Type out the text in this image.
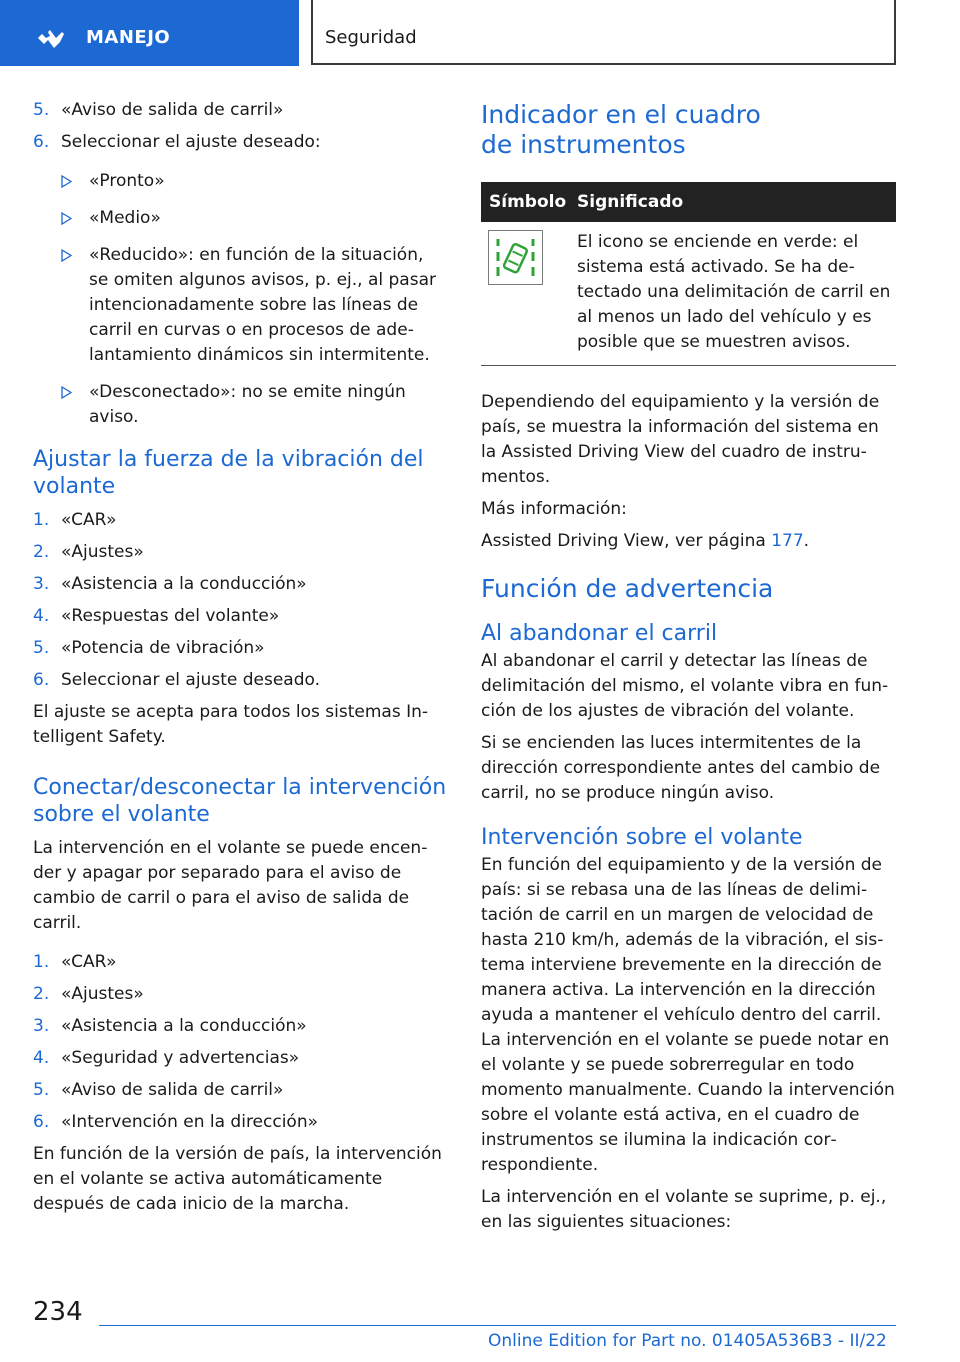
MANEJO	Seguridad
5. «Aviso de salida de carril»
6. Seleccionar el ajuste deseado:
«Pronto»
«Medio»
«Reducido»: en función de la situación, se omiten algunos avisos, p. ej., al pasar intencionadamente sobre las líneas de carril en curvas o en procesos de adelantamiento dinámicos sin intermitente.
«Desconectado»: no se emite ningún aviso.
Ajustar la fuerza de la vibración del volante
1. «CAR»
2. «Ajustes»
3. «Asistencia a la conducción»
4. «Respuestas del volante»
5. «Potencia de vibración»
6. Seleccionar el ajuste deseado.

El ajuste se acepta para todos los sistemas Intelligent Safety.

Conectar/desconectar la intervención sobre el volante

La intervención en el volante se puede encender y apagar por separado para el aviso de cambio de carril o para el aviso de salida de carril.

1. «CAR»
2. «Ajustes»
3. «Asistencia a la conducción»
4. «Seguridad y advertencias»
5. «Aviso de salida de carril»
6. «Intervención en la dirección»

En función de la versión de país, la intervención en el volante se activa automáticamente después de cada inicio de la marcha.

Indicador en el cuadro de instrumentos
Símbolo Significado
El icono se enciende en verde: el sistema está activado. Se ha detectado una delimitación de carril en al menos un lado del vehículo y es posible que se muestren avisos.

Dependiendo del equipamiento y la versión de país, se muestra la información del sistema en la Assisted Driving View del cuadro de instrumentos.

Más información:

Assisted Driving View, ver página 177.

Función de advertencia
Al abandonar el carril

Al abandonar el carril y detectar las líneas de delimitación del mismo, el volante vibra en función de los ajustes de vibración del volante.

Si se encienden las luces intermitentes de la dirección correspondiente antes del cambio de carril, no se produce ningún aviso.

Intervención sobre el volante

En función del equipamiento y de la versión de país: si se rebasa una de las líneas de delimitación de carril en un margen de velocidad de hasta 210 km/h, además de la vibración, el sistema interviene brevemente en la dirección de manera activa. La intervención en la dirección ayuda a mantener el vehículo dentro del carril. La intervención en el volante se puede notar en el volante y se puede sobrerregular en todo momento manualmente. Cuando la intervención sobre el volante está activa, en el cuadro de instrumentos se ilumina la indicación correspondiente.

La intervención en el volante se suprime, p. ej., en las siguientes situaciones:

234
Online Edition for Part no. 01405A536B3 - II/22
